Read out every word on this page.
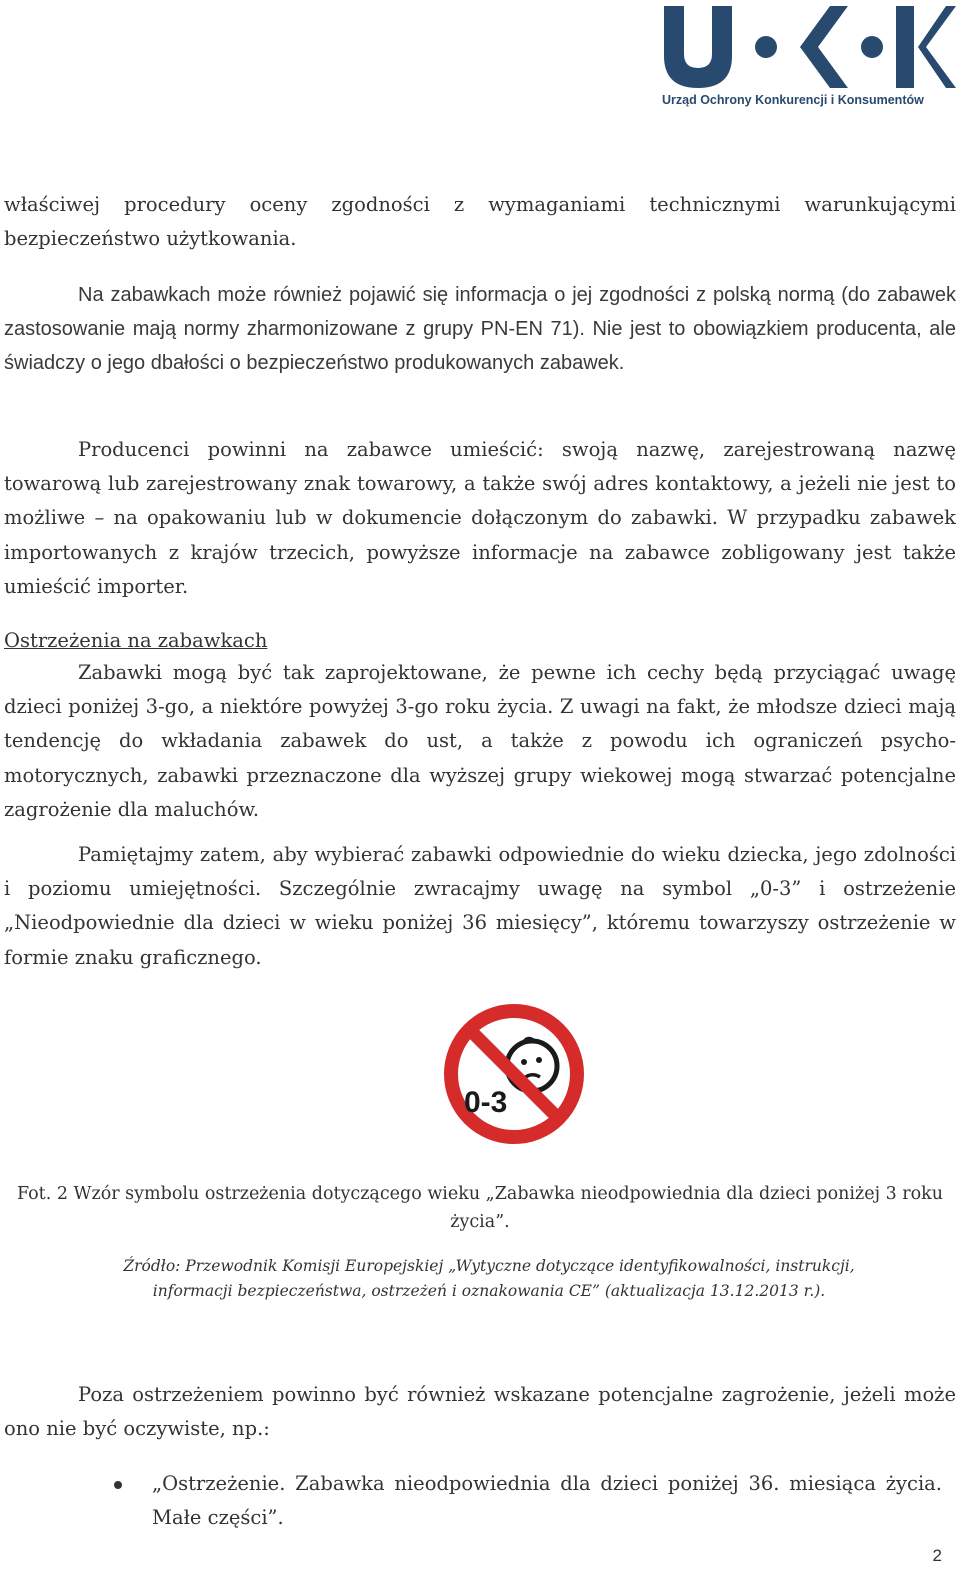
Urząd Ochrony Konkurencji i Konsumentów

właściwej procedury oceny zgodności z wymaganiami technicznymi warunkującymi bezpieczeństwo użytkowania.

Na zabawkach może również pojawić się informacja o jej zgodności z polską normą (do zabawek zastosowanie mają normy zharmonizowane z grupy PN-EN 71). Nie jest to obowiązkiem producenta, ale świadczy o jego dbałości o bezpieczeństwo produkowanych zabawek.

Producenci powinni na zabawce umieścić: swoją nazwę, zarejestrowaną nazwę towarową lub zarejestrowany znak towarowy, a także swój adres kontaktowy, a jeżeli nie jest to możliwe – na opakowaniu lub w dokumencie dołączonym do zabawki. W przypadku zabawek importowanych z krajów trzecich, powyższe informacje na zabawce zobligowany jest także umieścić importer.

Ostrzeżenia na zabawkach

Zabawki mogą być tak zaprojektowane, że pewne ich cechy będą przyciągać uwagę dzieci poniżej 3-go, a niektóre powyżej 3-go roku życia. Z uwagi na fakt, że młodsze dzieci mają tendencję do wkładania zabawek do ust, a także z powodu ich ograniczeń psycho-motorycznych, zabawki przeznaczone dla wyższej grupy wiekowej mogą stwarzać potencjalne zagrożenie dla maluchów.

Pamiętajmy zatem, aby wybierać zabawki odpowiednie do wieku dziecka, jego zdolności i poziomu umiejętności. Szczególnie zwracajmy uwagę na symbol „0-3” i ostrzeżenie „Nieodpowiednie dla dzieci w wieku poniżej 36 miesięcy”, któremu towarzyszy ostrzeżenie w formie znaku graficznego.

0-3
Fot. 2 Wzór symbolu ostrzeżenia dotyczącego wieku „Zabawka nieodpowiednia dla dzieci poniżej 3 roku życia”.
Źródło: Przewodnik Komisji Europejskiej „Wytyczne dotyczące identyfikowalności, instrukcji, informacji bezpieczeństwa, ostrzeżeń i oznakowania CE” (aktualizacja 13.12.2013 r.).

Poza ostrzeżeniem powinno być również wskazane potencjalne zagrożenie, jeżeli może ono nie być oczywiste, np.:

„Ostrzeżenie. Zabawka nieodpowiednia dla dzieci poniżej 36. miesiąca życia. Małe części”.

2
